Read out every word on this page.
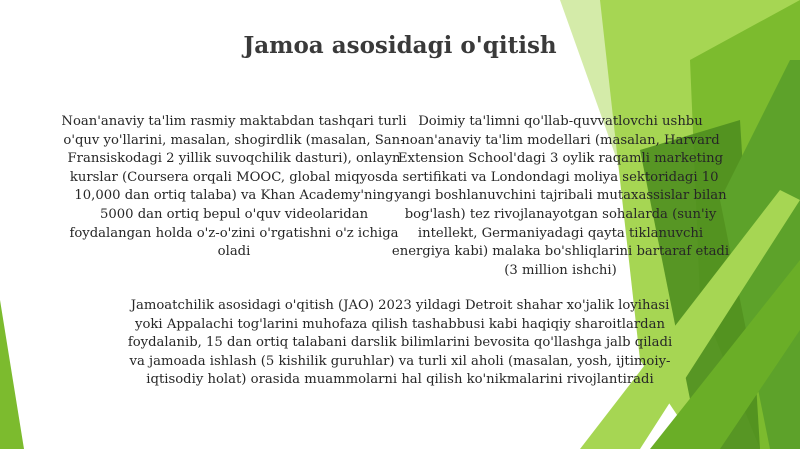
Jamoa asosidagi o'qitish
Noan'anaviy ta'lim rasmiy maktabdan tashqari turli o'quv yo'llarini, masalan, shogirdlik (masalan, San-Fransiskodagi 2 yillik suvoqchilik dasturi), onlayn kurslar (Coursera orqali MOOC, global miqyosda 10,000 dan ortiq talaba) va Khan Academy'ning 5000 dan ortiq bepul o'quv videolaridan foydalangan holda o'z-o'zini o'rgatishni o'z ichiga oladi
Doimiy ta'limni qo'llab-quvvatlovchi ushbu noan'anaviy ta'lim modellari (masalan, Harvard Extension School'dagi 3 oylik raqamli marketing sertifikati va Londondagi moliya sektoridagi 10 yangi boshlanuvchini tajribali mutaxassislar bilan bog'lash) tez rivojlanayotgan sohalarda (sun'iy intellekt, Germaniyadagi qayta tiklanuvchi energiya kabi) malaka bo'shliqlarini bartaraf etadi (3 million ishchi)
Jamoatchilik asosidagi o'qitish (JAO) 2023 yildagi Detroit shahar xo'jalik loyihasi yoki Appalachi tog'larini muhofaza qilish tashabbusi kabi haqiqiy sharoitlardan foydalanib, 15 dan ortiq talabani darslik bilimlarini bevosita qo'llashga jalb qiladi va jamoada ishlash (5 kishilik guruhlar) va turli xil aholi (masalan, yosh, ijtimoiy-iqtisodiy holat) orasida muammolarni hal qilish ko'nikmalarini rivojlantiradi
